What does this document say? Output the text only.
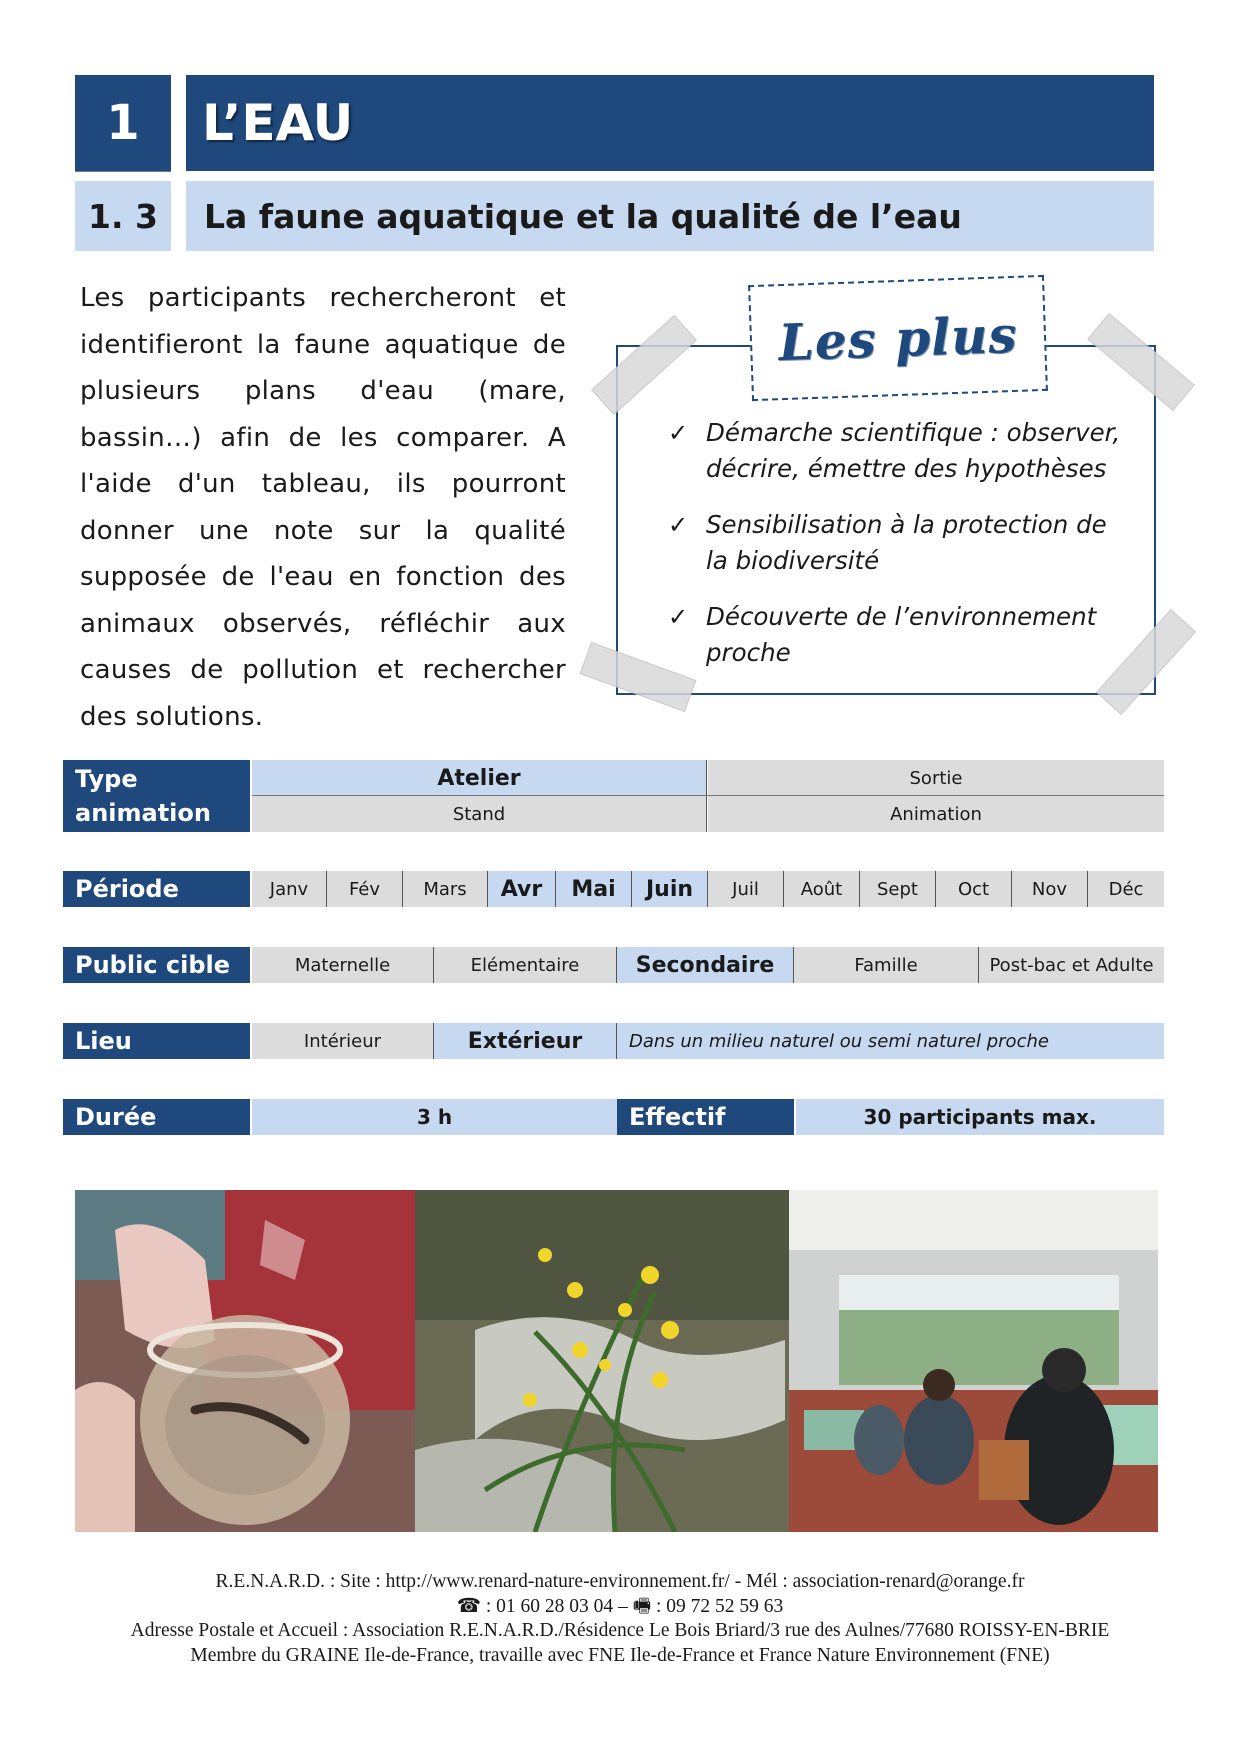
1	L’EAU
1. 3	La faune aquatique et la qualité de l’eau
Les participants rechercheront et identifieront la faune aquatique de plusieurs plans d'eau (mare, bassin…) afin de les comparer. A l'aide d'un tableau, ils pourront donner une note sur la qualité supposée de l'eau en fonction des animaux observés, réfléchir aux causes de pollution et rechercher des solutions.
Les plus
✓ Démarche scientifique : observer, décrire, émettre des hypothèses
✓ Sensibilisation à la protection de la biodiversité
✓ Découverte de l’environnement proche
Type animation
Atelier	Sortie
Stand	Animation
Période	Janv	Fév	Mars	Avr	Mai	Juin	Juil	Août	Sept	Oct	Nov	Déc
Public cible	Maternelle	Elémentaire	Secondaire	Famille	Post-bac et Adulte
Lieu	Intérieur	Extérieur	Dans un milieu naturel ou semi naturel proche
Durée	3 h	Effectif	30 participants max.
R.E.N.A.R.D. : Site : http://www.renard-nature-environnement.fr/ - Mél : association-renard@orange.fr
☎ : 01 60 28 03 04 – 🖷 : 09 72 52 59 63
Adresse Postale et Accueil : Association R.E.N.A.R.D./Résidence Le Bois Briard/3 rue des Aulnes/77680 ROISSY-EN-BRIE
Membre du GRAINE Ile-de-France, travaille avec FNE Ile-de-France et France Nature Environnement (FNE)
